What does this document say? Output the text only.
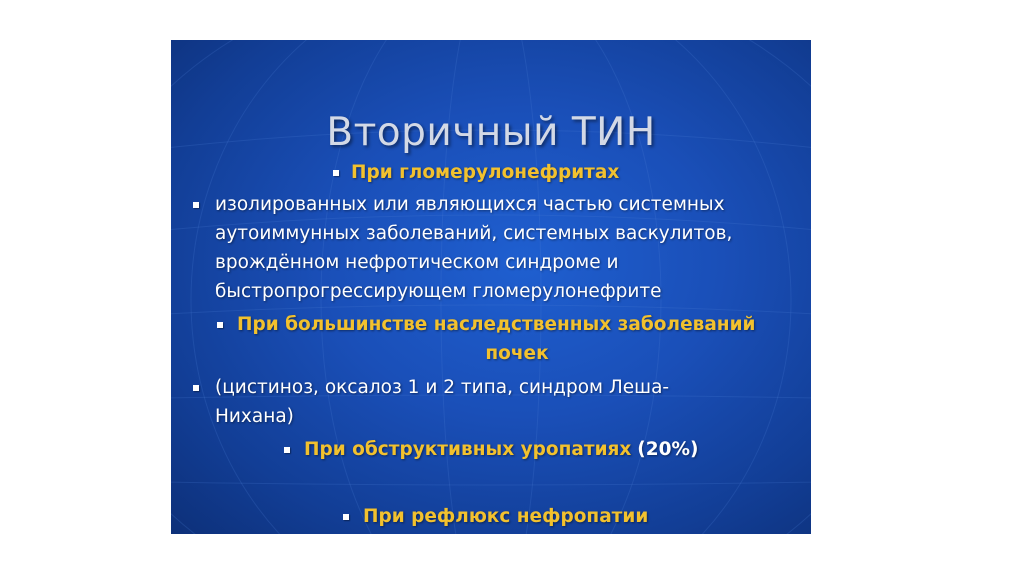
Вторичный ТИН
При гломерулонефритах
изолированных или являющихся частью системных
аутоиммунных заболеваний, системных васкулитов,
врождённом нефротическом синдроме и
быстропрогрессирующем гломерулонефрите
При большинстве наследственных заболеваний
почек
(цистиноз, оксалоз 1 и 2 типа, синдром Леша-
Нихана)
При обструктивных уропатиях (20%)
При рефлюкс нефропатии
